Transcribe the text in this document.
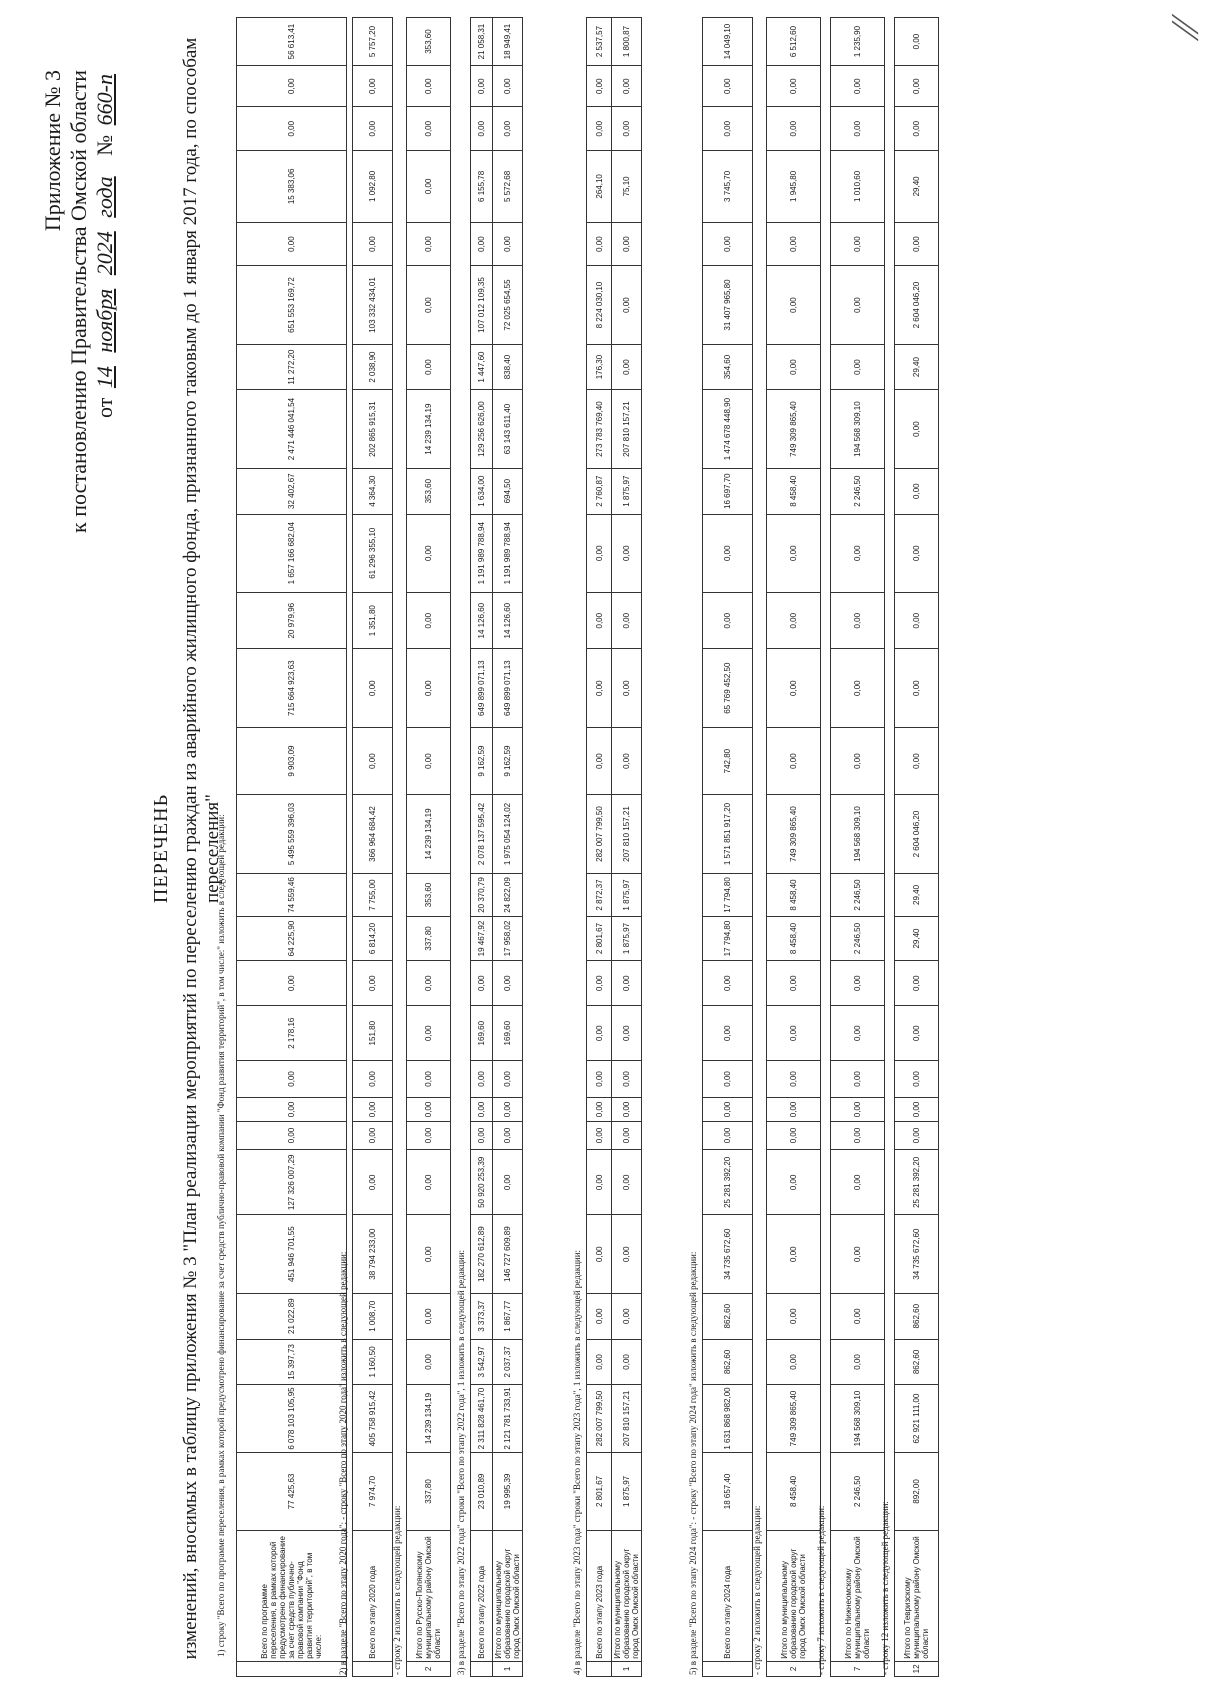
∕∕
Приложение № 3 к постановлению Правительства Омской области от 14 ноября 2024 года   № 660-п
ПЕРЕЧЕНЬ изменений, вносимых в таблицу приложения № 3 "План реализации мероприятий по переселению граждан из аварийного жилищного фонда, признанного таковым до 1 января 2017 года, по способам переселения"
1) строку "Всего по программе переселения, в рамках которой предусмотрено финансирование за счет средств публично-правовой компании "Фонд развития территорий", в том числе:" изложить в следующей редакции:
		Всего по программе переселения, в рамках которой предусмотрено финансирование за счет средств публично-правовой компании "Фонд развития территорий", в том числе:	77 425,63	6 078 103 105,95	15 397,73	21 022,89	451 946 701,55	127 326 007,29	0,00	0,00	0,00	2 178,16	0,00	64 225,90	74 559,46	5 495 559 396,03	9 903,09	715 664 923,63	20 979,96	1 657 166 682,04	32 402,67	2 471 446 041,54	11 272,20	651 553 169,72	0,00	15 383,06	0,00	0,00	56 613,41
2) в разделе "Всего по этапу 2020 года": - строку "Всего по этапу 2020 года" изложить в следующей редакции:
		Всего по этапу 2020 года	7 974,70	405 758 915,42	1 160,50	1 008,70	38 794 233,00	0,00	0,00	0,00	0,00	151,80	0,00	6 814,20	7 755,00	366 964 684,42	0,00	0,00	1 351,80	61 296 355,10	4 364,30	202 865 915,31	2 038,90	103 332 434,01	0,00	1 092,80	0,00	0,00	5 757,20
- строку 2 изложить в следующей редакции:	2	Итого по Русско-Полянскому муниципальному району Омской области	337,80	14 239 134,19	0,00	0,00	0,00	0,00	0,00	0,00	0,00	0,00	0,00	337,80	353,60	14 239 134,19	0,00	0,00	0,00	0,00	353,60	14 239 134,19	0,00	0,00	0,00	0,00	0,00	0,00	353,60
3) в разделе "Всего по этапу 2022 года" строки "Всего по этапу 2022 года", 1 изложить в следующей редакции:
	Всего по этапу 2022 года	23 010,89	2 311 828 461,70	3 542,97	3 373,37	182 270 612,89	50 920 253,39	0,00	0,00	0,00	169,60	0,00	19 467,92	20 370,79	2 078 137 595,42	9 162,59	649 899 071,13	14 126,60	1 191 989 788,94	1 634,00	129 256 626,00	1 447,60	107 012 109,35	0,00	6 155,78	0,00	0,00	21 058,31
1	Итого по муниципальному образованию городской округ город Омск Омской области	19 995,39	2 121 781 733,91	2 037,37	1 867,77	146 727 609,89	0,00	0,00	0,00	0,00	169,60	0,00	17 958,02	24 822,09	1 975 054 124,02	9 162,59	649 899 071,13	14 126,60	1 191 989 788,94	694,50	63 143 611,40	838,40	72 025 654,55	0,00	5 572,68	0,00	0,00	18 949,41
4) в разделе "Всего по этапу 2023 года" строки "Всего по этапу 2023 года", 1 изложить в следующей редакции:
	Всего по этапу 2023 года	2 801,67	282 007 799,50	0,00	0,00	0,00	0,00	0,00	0,00	0,00	0,00	0,00	2 801,67	2 872,37	282 007 799,50	0,00	0,00	0,00	0,00	2 760,87	273 783 769,40	176,30	8 224 030,10	0,00	264,10	0,00	0,00	2 537,57
1	Итого по муниципальному образованию городской округ город Омск Омской области	1 875,97	207 810 157,21	0,00	0,00	0,00	0,00	0,00	0,00	0,00	0,00	0,00	1 875,97	1 875,97	207 810 157,21	0,00	0,00	0,00	0,00	1 875,97	207 810 157,21	0,00	0,00	0,00	75,10	0,00	0,00	1 800,87
5) в разделе "Всего по этапу 2024 года": - строку "Всего по этапу 2024 года" изложить в следующей редакции:
		Всего по этапу 2024 года	18 657,40	1 631 868 982,00	862,60	862,60	34 735 672,60	25 281 392,20	0,00	0,00	0,00	0,00	0,00	17 794,80	17 794,80	1 571 851 917,20	742,80	65 769 452,50	0,00	0,00	16 697,70	1 474 678 448,90	354,60	31 407 965,80	0,00	3 745,70	0,00	0,00	14 049,10
- строку 2 изложить в следующей редакции:	2	Итого по муниципальному образованию городской округ город Омск Омской области	8 458,40	749 309 865,40	0,00	0,00	0,00	0,00	0,00	0,00	0,00	0,00	0,00	8 458,40	8 458,40	749 309 865,40	0,00	0,00	0,00	0,00	8 458,40	749 309 865,40	0,00	0,00	0,00	1 945,80	0,00	0,00	6 512,60
- строку 7 изложить в следующей редакции:	7	Итого по Нижнеомскому муниципальному району Омской области	2 246,50	194 568 309,10	0,00	0,00	0,00	0,00	0,00	0,00	0,00	0,00	0,00	2 246,50	2 246,50	194 568 309,10	0,00	0,00	0,00	0,00	2 246,50	194 568 309,10	0,00	0,00	0,00	1 010,60	0,00	0,00	1 235,90
- строку 12 изложить в следующей редакции:	12	Итого по Тевризскому муниципальному району Омской области	892,00	62 921 111,00	862,60	862,60	34 735 672,60	25 281 392,20	0,00	0,00	0,00	0,00	0,00	29,40	29,40	2 604 046,20	0,00	0,00	0,00	0,00	0,00	0,00	29,40	2 604 046,20	0,00	29,40	0,00	0,00	0,00
